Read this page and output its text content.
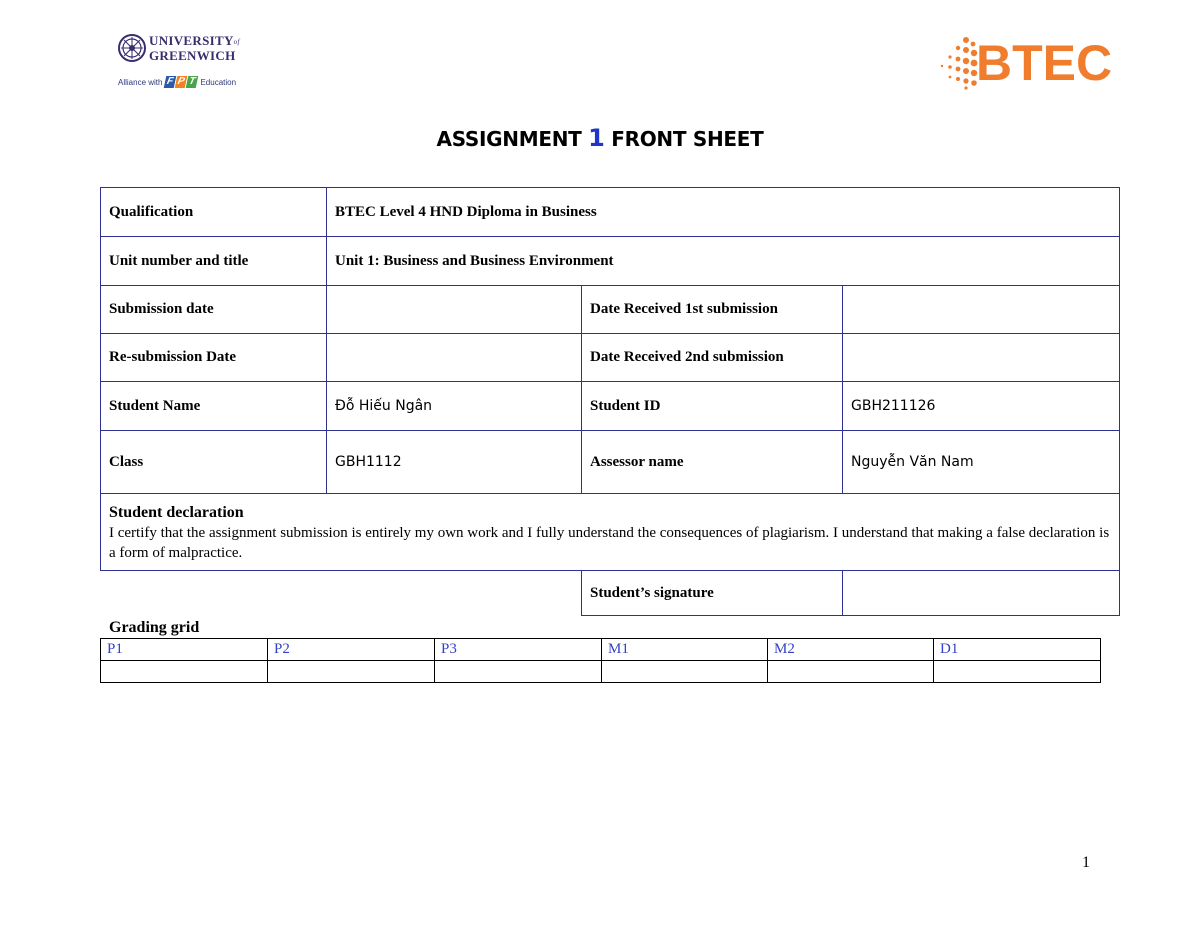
UNIVERSITYof
GREENWICH
Alliance with F P T Education	BTEC
ASSIGNMENT 1 FRONT SHEET
Qualification	BTEC Level 4 HND Diploma in Business		
Unit number and title	Unit 1: Business and Business Environment		
Submission date		Date Received 1st submission	
Re-submission Date		Date Received 2nd submission	
Student Name	Đỗ Hiếu Ngân	Student ID	GBH211126
Class	GBH1112	Assessor name	Nguyễn Văn Nam

Student declaration
I certify that the assignment submission is entirely my own work and I fully understand the consequences of plagiarism. I understand that making a false declaration is a form of malpractice.			
Student’s signature	
Grading grid
P1	P2	P3	M1	M2	D1

1
